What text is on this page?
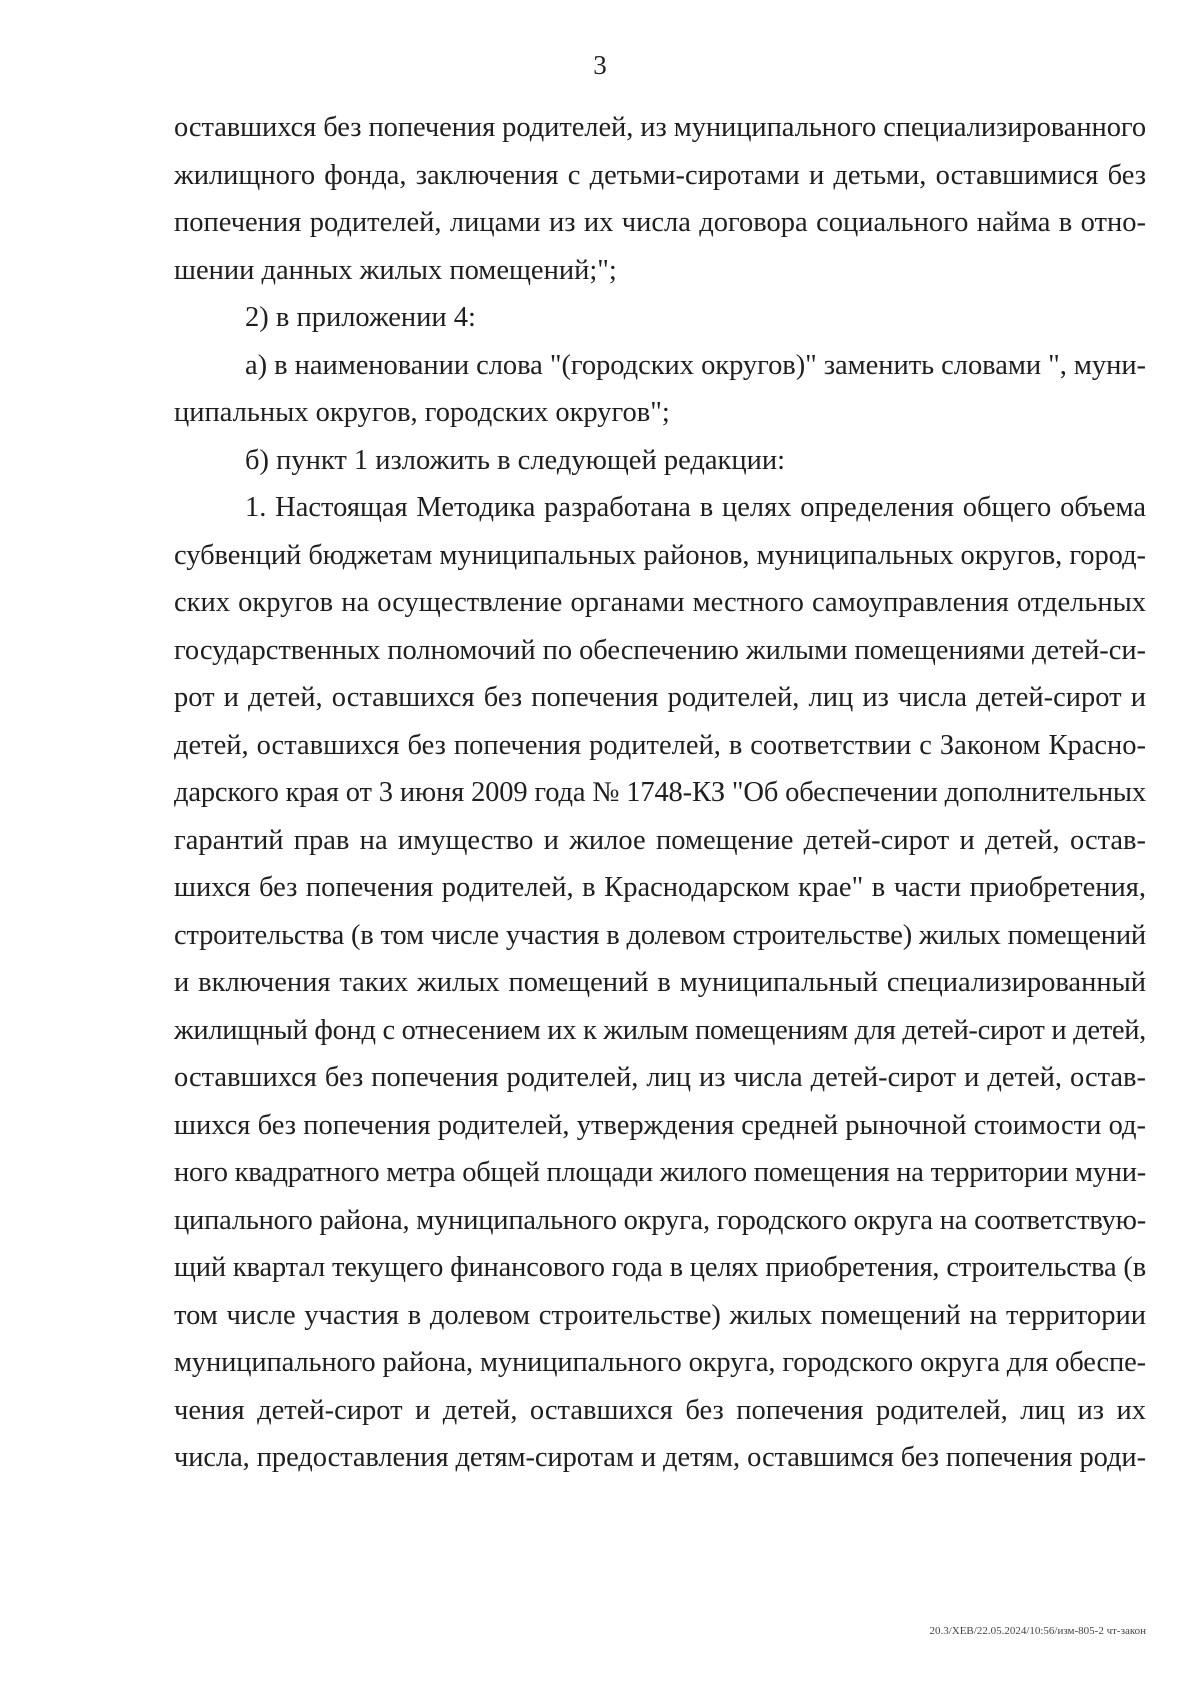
3
оставшихся без попечения родителей, из муниципального специализированного
жилищного фонда, заключения с детьми-сиротами и детьми, оставшимися без
попечения родителей, лицами из их числа договора социального найма в отно-
шении данных жилых помещений;";
2) в приложении 4:
а) в наименовании слова "(городских округов)" заменить словами ", муни-
ципальных округов, городских округов";
б) пункт 1 изложить в следующей редакции:
1. Настоящая Методика разработана в целях определения общего объема
субвенций бюджетам муниципальных районов, муниципальных округов, город-
ских округов на осуществление органами местного самоуправления отдельных
государственных полномочий по обеспечению жилыми помещениями детей-си-
рот и детей, оставшихся без попечения родителей, лиц из числа детей-сирот и
детей, оставшихся без попечения родителей, в соответствии с Законом Красно-
дарского края от 3 июня 2009 года № 1748-КЗ "Об обеспечении дополнительных
гарантий прав на имущество и жилое помещение детей-сирот и детей, остав-
шихся без попечения родителей, в Краснодарском крае" в части приобретения,
строительства (в том числе участия в долевом строительстве) жилых помещений
и включения таких жилых помещений в муниципальный специализированный
жилищный фонд с отнесением их к жилым помещениям для детей-сирот и детей,
оставшихся без попечения родителей, лиц из числа детей-сирот и детей, остав-
шихся без попечения родителей, утверждения средней рыночной стоимости од-
ного квадратного метра общей площади жилого помещения на территории муни-
ципального района, муниципального округа, городского округа на соответствую-
щий квартал текущего финансового года в целях приобретения, строительства (в
том числе участия в долевом строительстве) жилых помещений на территории
муниципального района, муниципального округа, городского округа для обеспе-
чения детей-сирот и детей, оставшихся без попечения родителей, лиц из их
числа, предоставления детям-сиротам и детям, оставшимся без попечения роди-
20.3/ХЕВ/22.05.2024/10:56/изм-805-2 чт-закон
